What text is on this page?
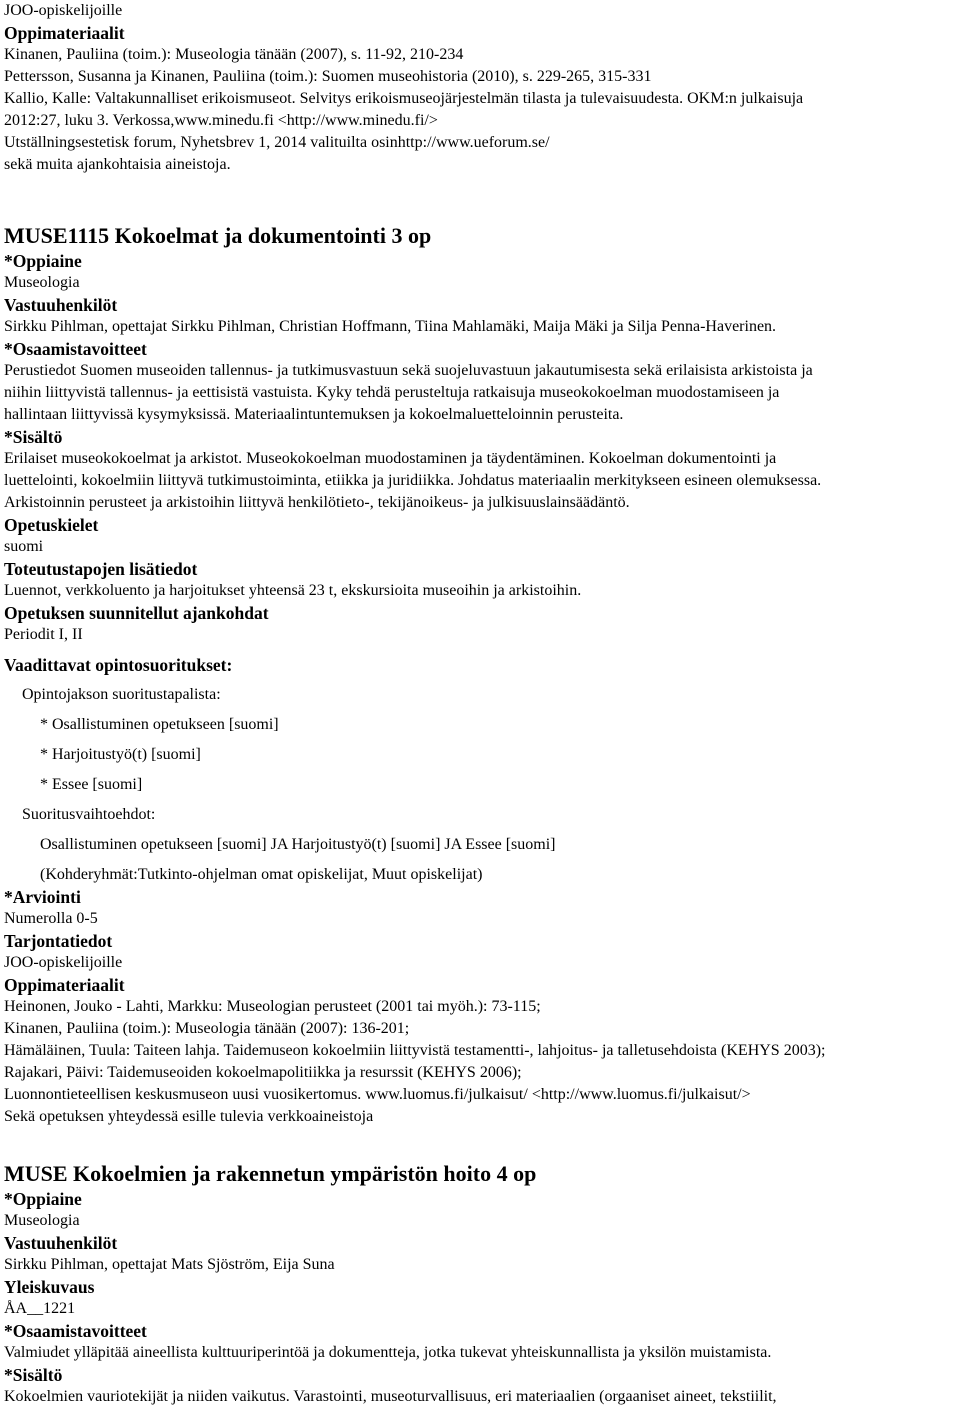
JOO-opiskelijoille
Oppimateriaalit
Kinanen, Pauliina (toim.): Museologia tänään (2007), s. 11-92, 210-234
Pettersson, Susanna ja Kinanen, Pauliina (toim.): Suomen museohistoria (2010), s. 229-265, 315-331
Kallio, Kalle: Valtakunnalliset erikoismuseot. Selvitys erikoismuseojärjestelmän tilasta ja tulevaisuudesta. OKM:n julkaisuja
2012:27, luku 3. Verkossa,www.minedu.fi <http://www.minedu.fi/>
Utställningsestetisk forum, Nyhetsbrev 1, 2014 valituilta osinhttp://www.ueforum.se/
sekä muita ajankohtaisia aineistoja.
MUSE1115 Kokoelmat ja dokumentointi 3 op
*Oppiaine
Museologia
Vastuuhenkilöt
Sirkku Pihlman, opettajat Sirkku Pihlman, Christian Hoffmann, Tiina Mahlamäki, Maija Mäki ja Silja Penna-Haverinen.
*Osaamistavoitteet
Perustiedot Suomen museoiden tallennus- ja tutkimusvastuun sekä suojeluvastuun jakautumisesta sekä erilaisista arkistoista ja
niihin liittyvistä tallennus- ja eettisistä vastuista. Kyky tehdä perusteltuja ratkaisuja museokokoelman muodostamiseen ja
hallintaan liittyvissä kysymyksissä. Materiaalintuntemuksen ja kokoelmaluetteloinnin perusteita.
*Sisältö
Erilaiset museokokoelmat ja arkistot. Museokokoelman muodostaminen ja täydentäminen. Kokoelman dokumentointi ja
luettelointi, kokoelmiin liittyvä tutkimustoiminta, etiikka ja juridiikka. Johdatus materiaalin merkitykseen esineen olemuksessa.
Arkistoinnin perusteet ja arkistoihin liittyvä henkilötieto-, tekijänoikeus- ja julkisuuslainsäädäntö.
Opetuskielet
suomi
Toteutustapojen lisätiedot
Luennot, verkkoluento ja harjoitukset yhteensä 23 t, ekskursioita museoihin ja arkistoihin.
Opetuksen suunnitellut ajankohdat
Periodit I, II
Vaadittavat opintosuoritukset:
Opintojakson suoritustapalista:
* Osallistuminen opetukseen [suomi]
* Harjoitustyö(t) [suomi]
* Essee [suomi]
Suoritusvaihtoehdot:
Osallistuminen opetukseen [suomi] JA Harjoitustyö(t) [suomi] JA Essee [suomi]
(Kohderyhmät:Tutkinto-ohjelman omat opiskelijat, Muut opiskelijat)
*Arviointi
Numerolla 0-5
Tarjontatiedot
JOO-opiskelijoille
Oppimateriaalit
Heinonen, Jouko - Lahti, Markku: Museologian perusteet (2001 tai myöh.): 73-115;
Kinanen, Pauliina (toim.): Museologia tänään (2007): 136-201;
Hämäläinen, Tuula: Taiteen lahja. Taidemuseon kokoelmiin liittyvistä testamentti-, lahjoitus- ja talletusehdoista (KEHYS 2003);
Rajakari, Päivi: Taidemuseoiden kokoelmapolitiikka ja resurssit (KEHYS 2006);
Luonnontieteellisen keskusmuseon uusi vuosikertomus. www.luomus.fi/julkaisut/ <http://www.luomus.fi/julkaisut/>
Sekä opetuksen yhteydessä esille tulevia verkkoaineistoja
MUSE Kokoelmien ja rakennetun ympäristön hoito 4 op
*Oppiaine
Museologia
Vastuuhenkilöt
Sirkku Pihlman, opettajat Mats Sjöström, Eija Suna
Yleiskuvaus
ÅA__1221
*Osaamistavoitteet
Valmiudet ylläpitää aineellista kulttuuriperintöä ja dokumentteja, jotka tukevat yhteiskunnallista ja yksilön muistamista.
*Sisältö
Kokoelmien vauriotekijät ja niiden vaikutus. Varastointi, museoturvallisuus, eri materiaalien (orgaaniset aineet, tekstiilit,
